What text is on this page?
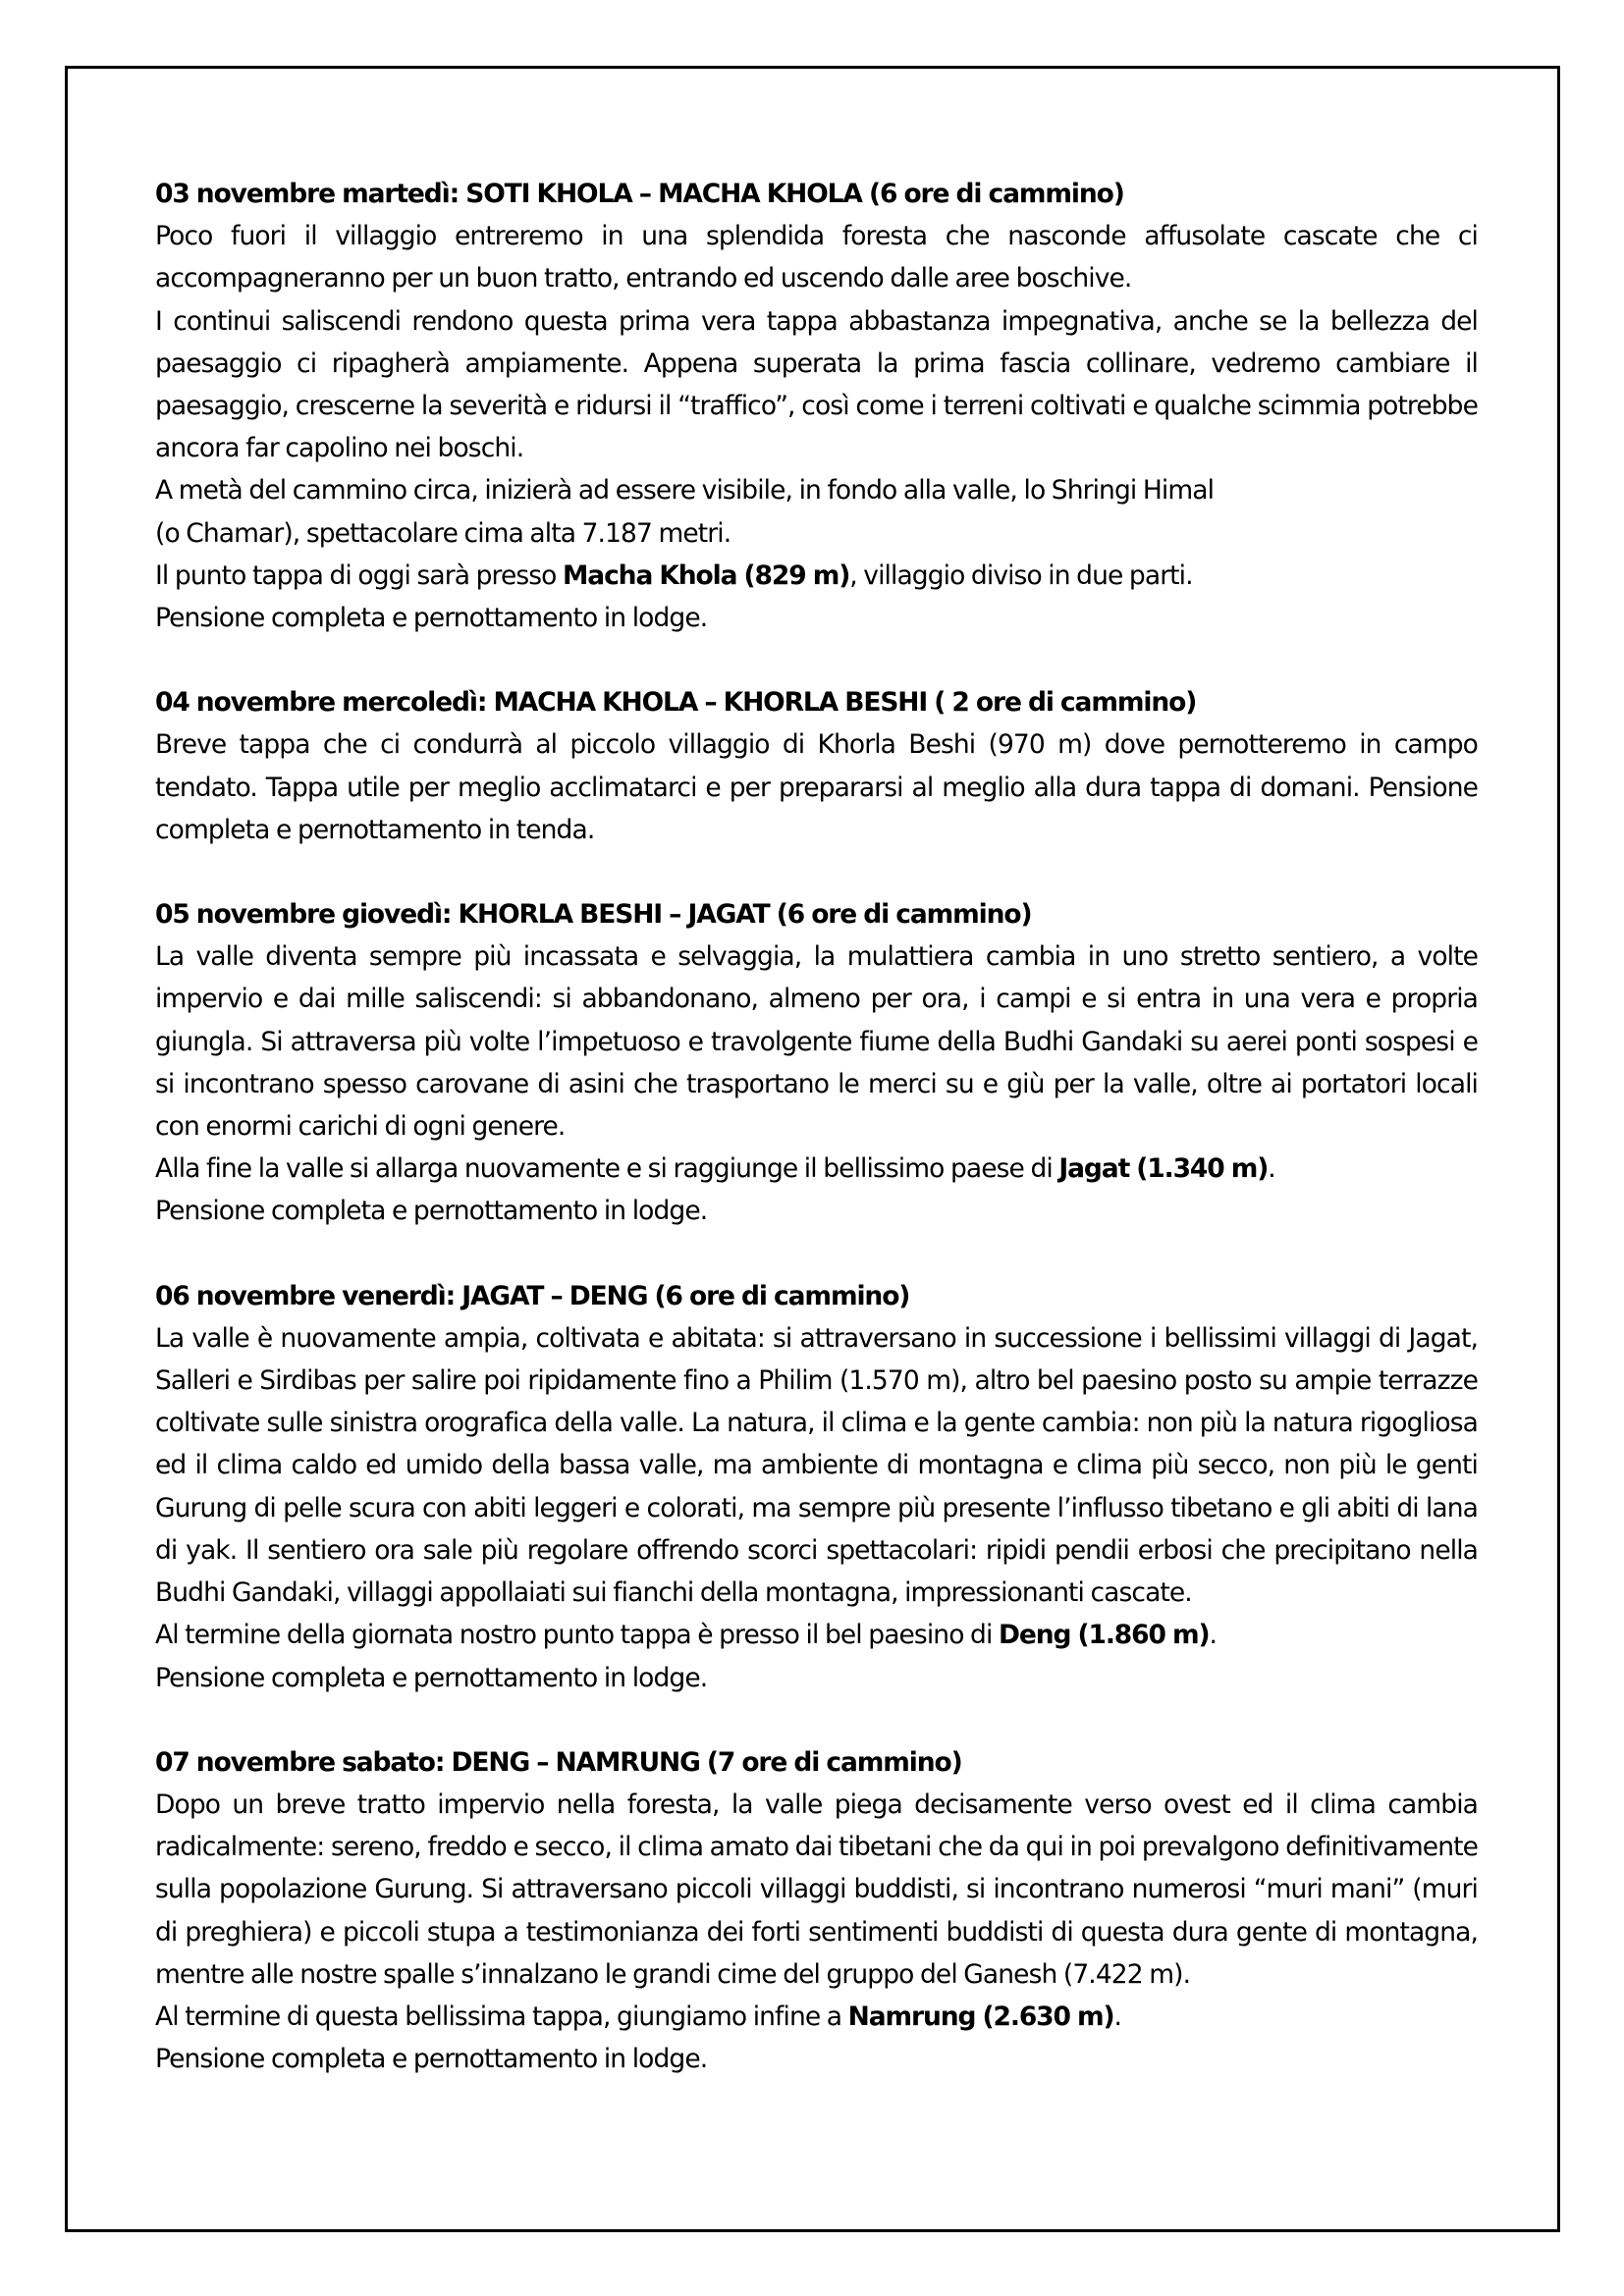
03 novembre martedì: SOTI KHOLA – MACHA KHOLA (6 ore di cammino)

Poco fuori il villaggio entreremo in una splendida foresta che nasconde affusolate cascate che ci accompagneranno per un buon tratto, entrando ed uscendo dalle aree boschive.

I continui saliscendi rendono questa prima vera tappa abbastanza impegnativa, anche se la bellezza del paesaggio ci ripagherà ampiamente. Appena superata la prima fascia collinare, vedremo cambiare il paesaggio, crescerne la severità e ridursi il “traffico”, così come i terreni coltivati e qualche scimmia potrebbe ancora far capolino nei boschi.

A metà del cammino circa, inizierà ad essere visibile, in fondo alla valle, lo Shringi Himal
(o Chamar), spettacolare cima alta 7.187 metri.

Il punto tappa di oggi sarà presso Macha Khola (829 m), villaggio diviso in due parti.

Pensione completa e pernottamento in lodge.

04 novembre mercoledì: MACHA KHOLA – KHORLA BESHI ( 2 ore di cammino)

Breve tappa che ci condurrà al piccolo villaggio di Khorla Beshi (970 m) dove pernotteremo in campo tendato. Tappa utile per meglio acclimatarci e per prepararsi al meglio alla dura tappa di domani. Pensione completa e pernottamento in tenda.

05 novembre giovedì: KHORLA BESHI – JAGAT (6 ore di cammino)

La valle diventa sempre più incassata e selvaggia, la mulattiera cambia in uno stretto sentiero, a volte impervio e dai mille saliscendi: si abbandonano, almeno per ora, i campi e si entra in una vera e propria giungla. Si attraversa più volte l’impetuoso e travolgente fiume della Budhi Gandaki su aerei ponti sospesi e si incontrano spesso carovane di asini che trasportano le merci su e giù per la valle, oltre ai portatori locali con enormi carichi di ogni genere.

Alla fine la valle si allarga nuovamente e si raggiunge il bellissimo paese di Jagat (1.340 m).

Pensione completa e pernottamento in lodge.

06 novembre venerdì: JAGAT – DENG (6 ore di cammino)

La valle è nuovamente ampia, coltivata e abitata: si attraversano in successione i bellissimi villaggi di Jagat, Salleri e Sirdibas per salire poi ripidamente fino a Philim (1.570 m), altro bel paesino posto su ampie terrazze coltivate sulle sinistra orografica della valle. La natura, il clima e la gente cambia: non più la natura rigogliosa ed il clima caldo ed umido della bassa valle, ma ambiente di montagna e clima più secco, non più le genti Gurung di pelle scura con abiti leggeri e colorati, ma sempre più presente l’influsso tibetano e gli abiti di lana di yak. Il sentiero ora sale più regolare offrendo scorci spettacolari: ripidi pendii erbosi che precipitano nella Budhi Gandaki, villaggi appollaiati sui fianchi della montagna, impressionanti cascate.

Al termine della giornata nostro punto tappa è presso il bel paesino di Deng (1.860 m).

Pensione completa e pernottamento in lodge.

07 novembre sabato: DENG – NAMRUNG (7 ore di cammino)

Dopo un breve tratto impervio nella foresta, la valle piega decisamente verso ovest ed il clima cambia radicalmente: sereno, freddo e secco, il clima amato dai tibetani che da qui in poi prevalgono definitivamente sulla popolazione Gurung. Si attraversano piccoli villaggi buddisti, si incontrano numerosi “muri mani” (muri di preghiera) e piccoli stupa a testimonianza dei forti sentimenti buddisti di questa dura gente di montagna, mentre alle nostre spalle s’innalzano le grandi cime del gruppo del Ganesh (7.422 m).

Al termine di questa bellissima tappa, giungiamo infine a Namrung (2.630 m).

Pensione completa e pernottamento in lodge.
